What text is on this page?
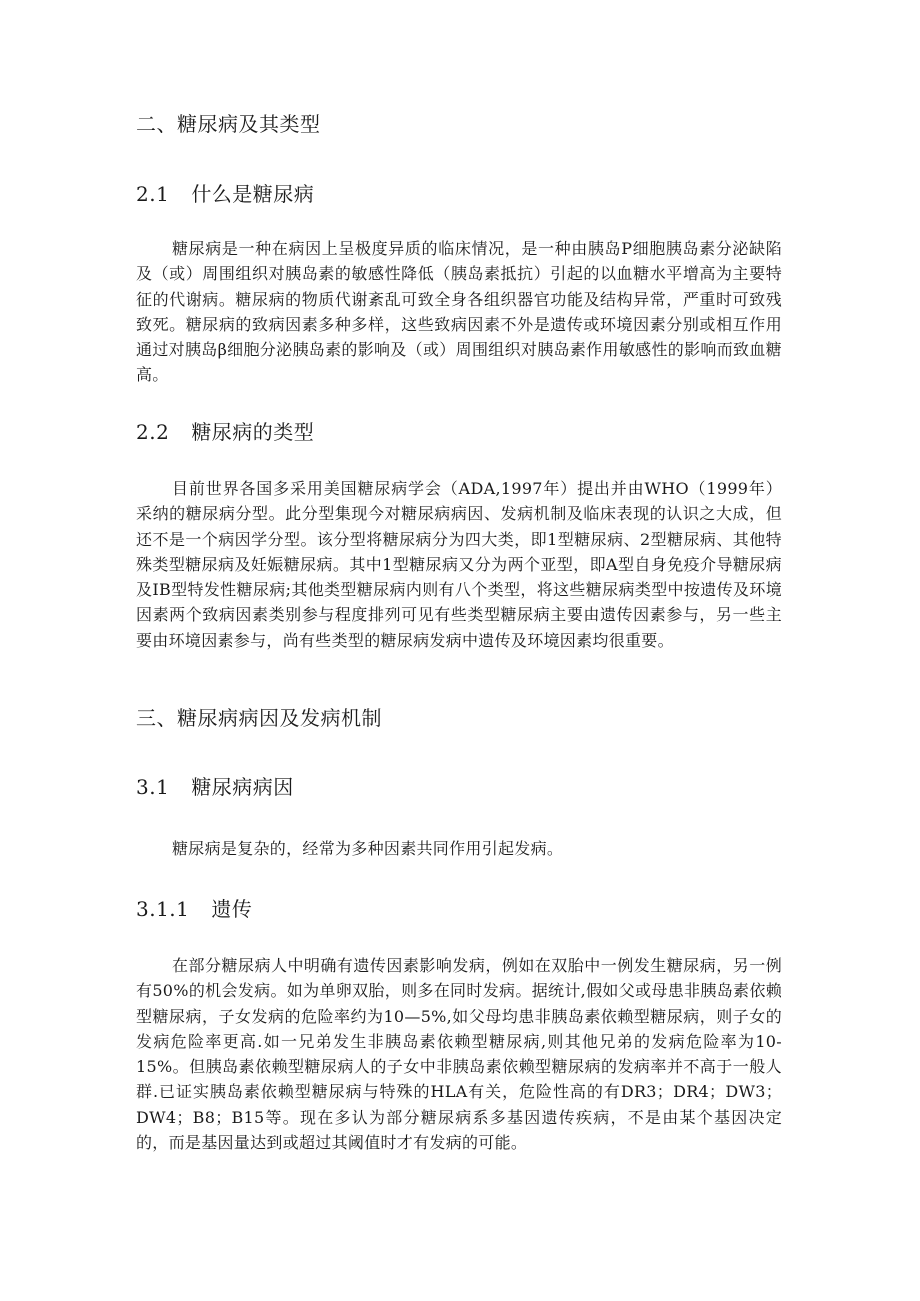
二、糖尿病及其类型
2.1 什么是糖尿病

糖尿病是一种在病因上呈极度异质的临床情况，是一种由胰岛P细胞胰岛素分泌缺陷及（或）周围组织对胰岛素的敏感性降低（胰岛素抵抗）引起的以血糖水平增高为主要特征的代谢病。糖尿病的物质代谢紊乱可致全身各组织器官功能及结构异常，严重时可致残致死。糖尿病的致病因素多种多样，这些致病因素不外是遗传或环境因素分别或相互作用通过对胰岛β细胞分泌胰岛素的影响及（或）周围组织对胰岛素作用敏感性的影响而致血糖高。

2.2 糖尿病的类型

目前世界各国多采用美国糖尿病学会（ADA,1997年）提出并由WHO（1999年）采纳的糖尿病分型。此分型集现今对糖尿病病因、发病机制及临床表现的认识之大成，但还不是一个病因学分型。该分型将糖尿病分为四大类，即1型糖尿病、2型糖尿病、其他特殊类型糖尿病及妊娠糖尿病。其中1型糖尿病又分为两个亚型，即A型自身免疫介导糖尿病及IB型特发性糖尿病;其他类型糖尿病内则有八个类型，将这些糖尿病类型中按遗传及环境因素两个致病因素类别参与程度排列可见有些类型糖尿病主要由遗传因素参与，另一些主要由环境因素参与，尚有些类型的糖尿病发病中遗传及环境因素均很重要。

三、糖尿病病因及发病机制
3.1 糖尿病病因

糖尿病是复杂的，经常为多种因素共同作用引起发病。

3.1.1 遗传

在部分糖尿病人中明确有遗传因素影响发病，例如在双胎中一例发生糖尿病，另一例有50%的机会发病。如为单卵双胎，则多在同时发病。据统计,假如父或母患非胰岛素依赖型糖尿病，子女发病的危险率约为10—5%,如父母均患非胰岛素依赖型糖尿病，则子女的发病危险率更高.如一兄弟发生非胰岛素依赖型糖尿病,则其他兄弟的发病危险率为10-15%。但胰岛素依赖型糖尿病人的子女中非胰岛素依赖型糖尿病的发病率并不高于一般人群.已证实胰岛素依赖型糖尿病与特殊的HLA有关，危险性高的有DR3；DR4；DW3；DW4；B8；B15等。现在多认为部分糖尿病系多基因遗传疾病，不是由某个基因决定的，而是基因量达到或超过其阈值时才有发病的可能。
